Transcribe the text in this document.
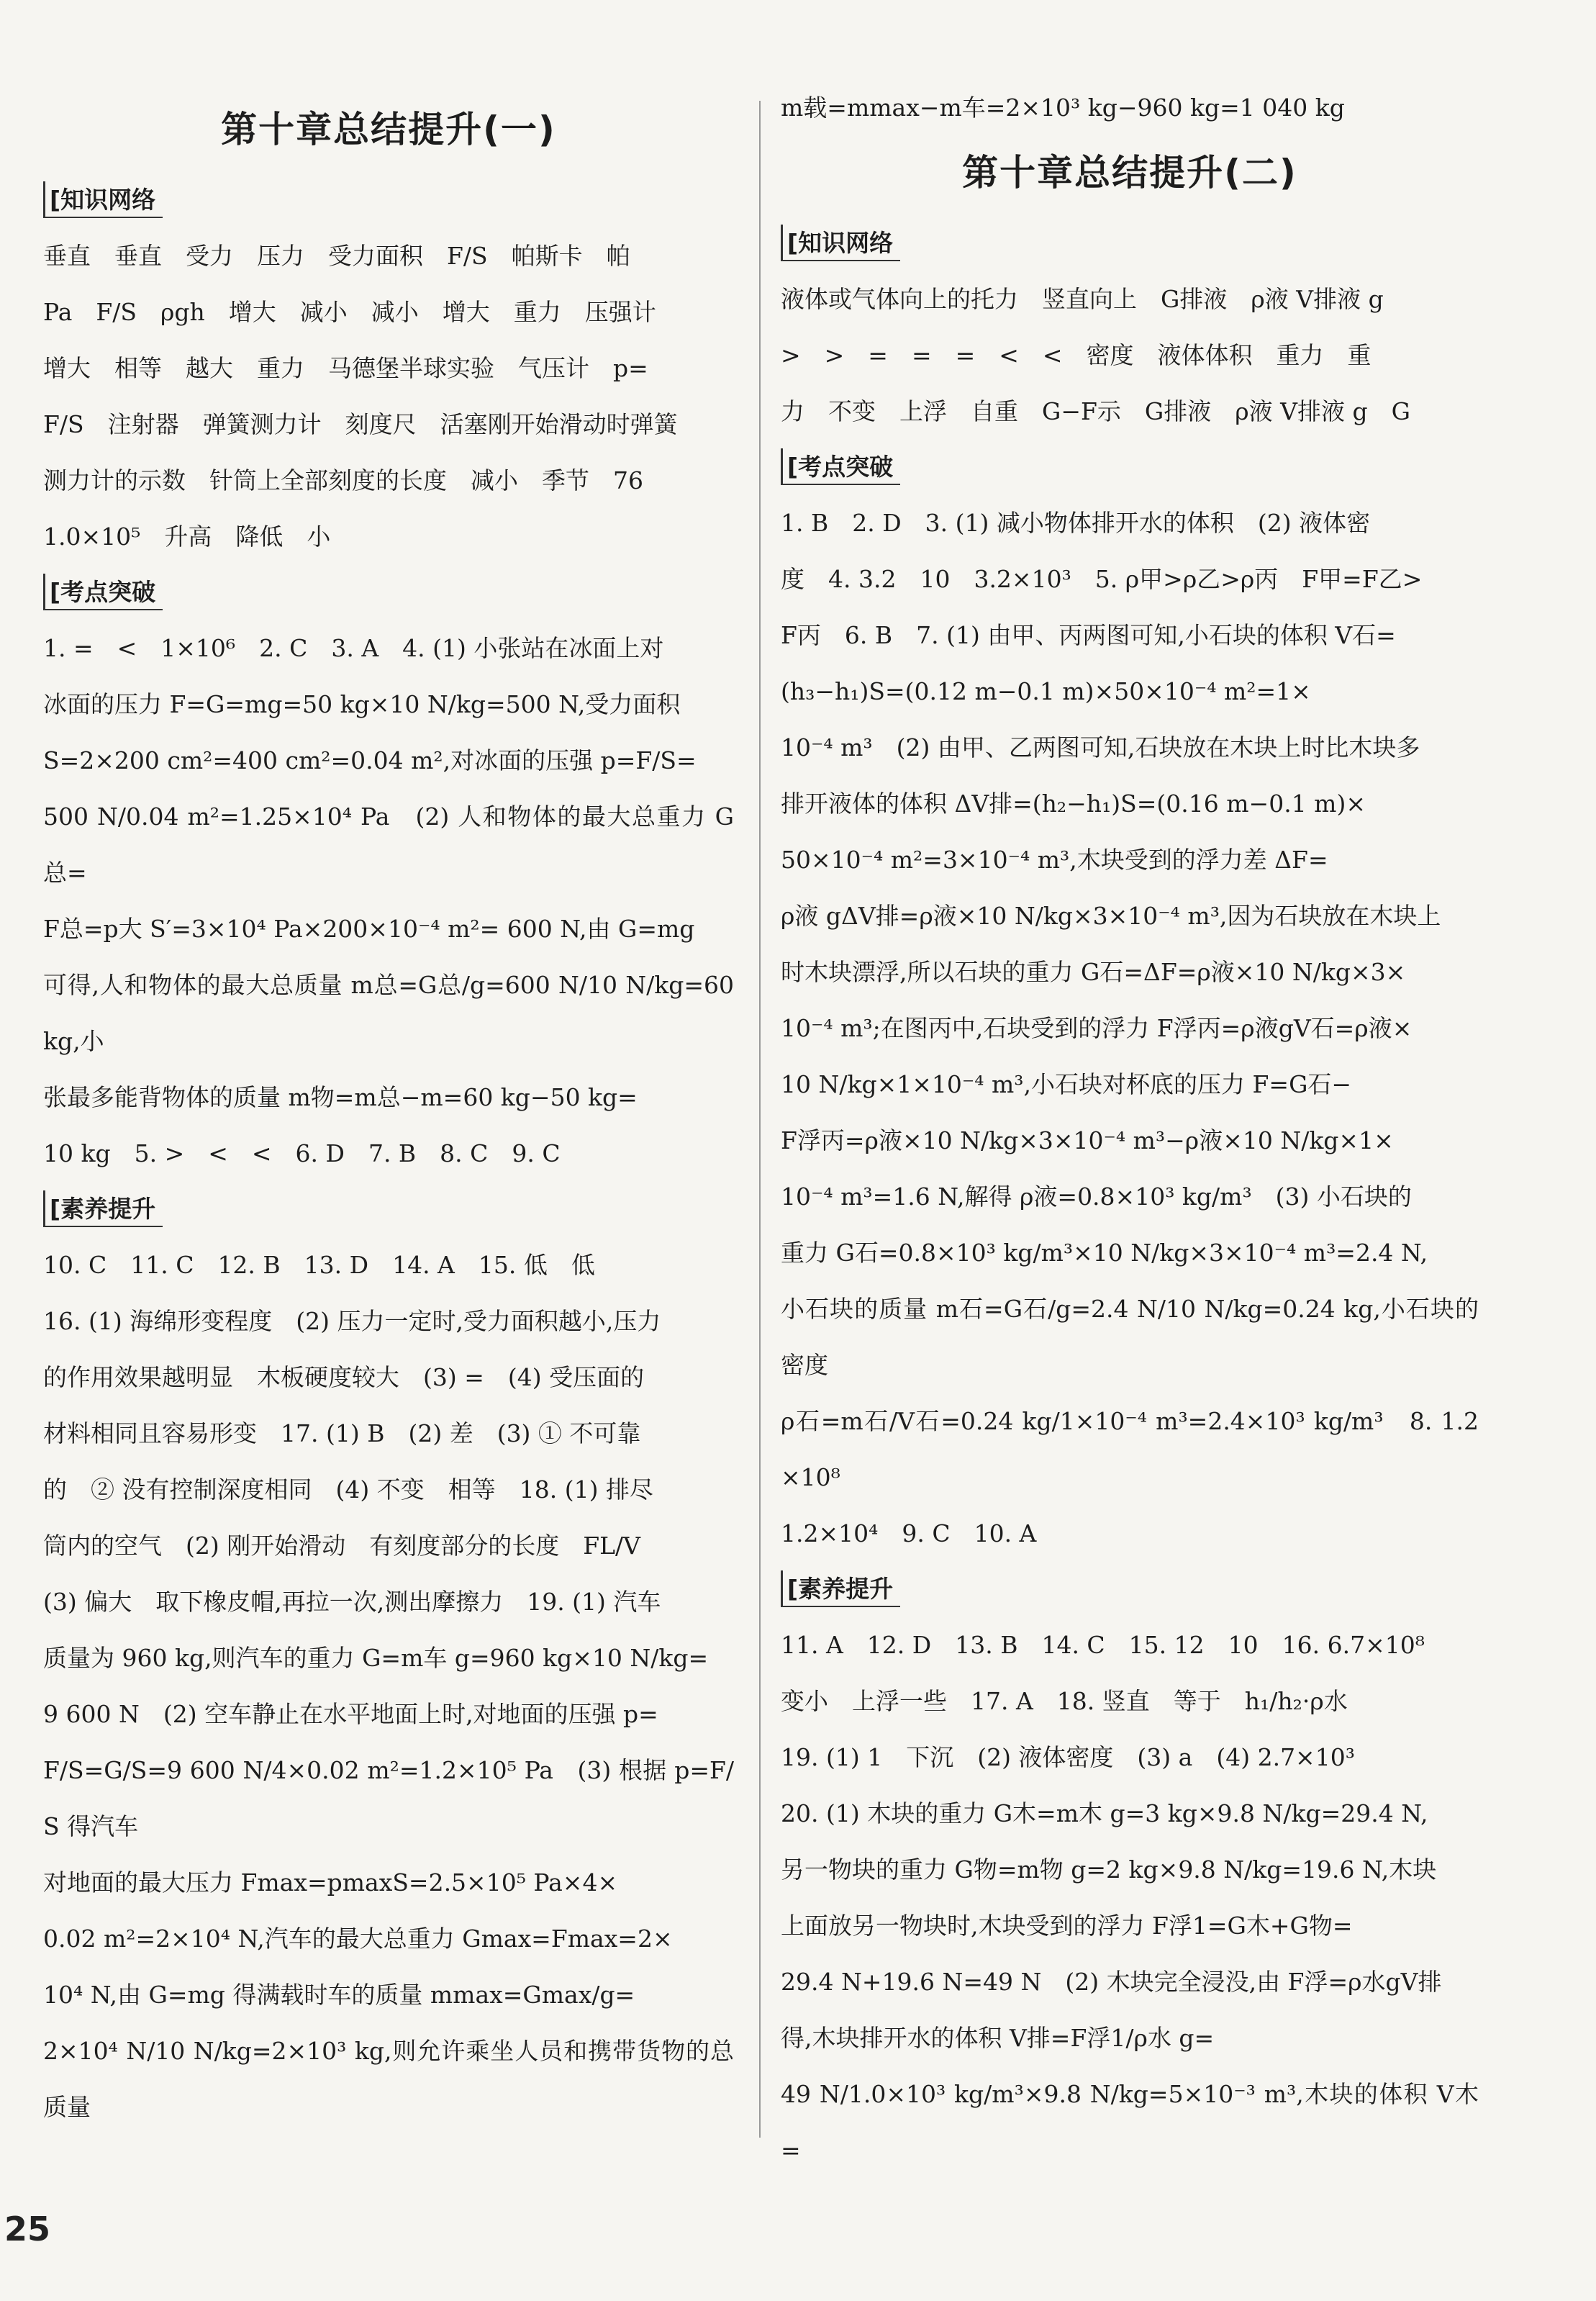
第十章总结提升(一)
[知识网络

垂直　垂直　受力　压力　受力面积　F/S　帕斯卡　帕

Pa　F/S　ρgh　增大　减小　减小　增大　重力　压强计

增大　相等　越大　重力　马德堡半球实验　气压计　p=

F/S　注射器　弹簧测力计　刻度尺　活塞刚开始滑动时弹簧

测力计的示数　针筒上全部刻度的长度　减小　季节　76

1.0×10⁵　升高　降低　小

[考点突破

1. =　<　1×10⁶　2. C　3. A　4. (1) 小张站在冰面上对

冰面的压力 F=G=mg=50 kg×10 N/kg=500 N,受力面积

S=2×200 cm²=400 cm²=0.04 m²,对冰面的压强 p=F/S=

500 N/0.04 m²=1.25×10⁴ Pa　(2) 人和物体的最大总重力 G总=

F总=p大 S′=3×10⁴ Pa×200×10⁻⁴ m²= 600 N,由 G=mg

可得,人和物体的最大总质量 m总=G总/g=600 N/10 N/kg=60 kg,小

张最多能背物体的质量 m物=m总−m=60 kg−50 kg=

10 kg　5. >　<　<　6. D　7. B　8. C　9. C

[素养提升

10. C　11. C　12. B　13. D　14. A　15. 低　低

16. (1) 海绵形变程度　(2) 压力一定时,受力面积越小,压力

的作用效果越明显　木板硬度较大　(3) =　(4) 受压面的

材料相同且容易形变　17. (1) B　(2) 差　(3) ① 不可靠

的　② 没有控制深度相同　(4) 不变　相等　18. (1) 排尽

筒内的空气　(2) 刚开始滑动　有刻度部分的长度　FL/V

(3) 偏大　取下橡皮帽,再拉一次,测出摩擦力　19. (1) 汽车

质量为 960 kg,则汽车的重力 G=m车 g=960 kg×10 N/kg=

9 600 N　(2) 空车静止在水平地面上时,对地面的压强 p=

F/S=G/S=9 600 N/4×0.02 m²=1.2×10⁵ Pa　(3) 根据 p=F/S 得汽车

对地面的最大压力 Fmax=pmaxS=2.5×10⁵ Pa×4×

0.02 m²=2×10⁴ N,汽车的最大总重力 Gmax=Fmax=2×

10⁴ N,由 G=mg 得满载时车的质量 mmax=Gmax/g=

2×10⁴ N/10 N/kg=2×10³ kg,则允许乘坐人员和携带货物的总质量

m载=mmax−m车=2×10³ kg−960 kg=1 040 kg

第十章总结提升(二)
[知识网络

液体或气体向上的托力　竖直向上　G排液　ρ液 V排液 g

>　>　=　=　=　<　<　密度　液体体积　重力　重

力　不变　上浮　自重　G−F示　G排液　ρ液 V排液 g　G

[考点突破

1. B　2. D　3. (1) 减小物体排开水的体积　(2) 液体密

度　4. 3.2　10　3.2×10³　5. ρ甲>ρ乙>ρ丙　F甲=F乙>

F丙　6. B　7. (1) 由甲、丙两图可知,小石块的体积 V石=

(h₃−h₁)S=(0.12 m−0.1 m)×50×10⁻⁴ m²=1×

10⁻⁴ m³　(2) 由甲、乙两图可知,石块放在木块上时比木块多

排开液体的体积 ΔV排=(h₂−h₁)S=(0.16 m−0.1 m)×

50×10⁻⁴ m²=3×10⁻⁴ m³,木块受到的浮力差 ΔF=

ρ液 gΔV排=ρ液×10 N/kg×3×10⁻⁴ m³,因为石块放在木块上

时木块漂浮,所以石块的重力 G石=ΔF=ρ液×10 N/kg×3×

10⁻⁴ m³;在图丙中,石块受到的浮力 F浮丙=ρ液gV石=ρ液×

10 N/kg×1×10⁻⁴ m³,小石块对杯底的压力 F=G石−

F浮丙=ρ液×10 N/kg×3×10⁻⁴ m³−ρ液×10 N/kg×1×

10⁻⁴ m³=1.6 N,解得 ρ液=0.8×10³ kg/m³　(3) 小石块的

重力 G石=0.8×10³ kg/m³×10 N/kg×3×10⁻⁴ m³=2.4 N,

小石块的质量 m石=G石/g=2.4 N/10 N/kg=0.24 kg,小石块的密度

ρ石=m石/V石=0.24 kg/1×10⁻⁴ m³=2.4×10³ kg/m³　8. 1.2×10⁸

1.2×10⁴　9. C　10. A

[素养提升

11. A　12. D　13. B　14. C　15. 12　10　16. 6.7×10⁸

变小　上浮一些　17. A　18. 竖直　等于　h₁/h₂·ρ水

19. (1) 1　下沉　(2) 液体密度　(3) a　(4) 2.7×10³

20. (1) 木块的重力 G木=m木 g=3 kg×9.8 N/kg=29.4 N,

另一物块的重力 G物=m物 g=2 kg×9.8 N/kg=19.6 N,木块

上面放另一物块时,木块受到的浮力 F浮1=G木+G物=

29.4 N+19.6 N=49 N　(2) 木块完全浸没,由 F浮=ρ水gV排

得,木块排开水的体积 V排=F浮1/ρ水 g=

49 N/1.0×10³ kg/m³×9.8 N/kg=5×10⁻³ m³,木块的体积 V木=

25
